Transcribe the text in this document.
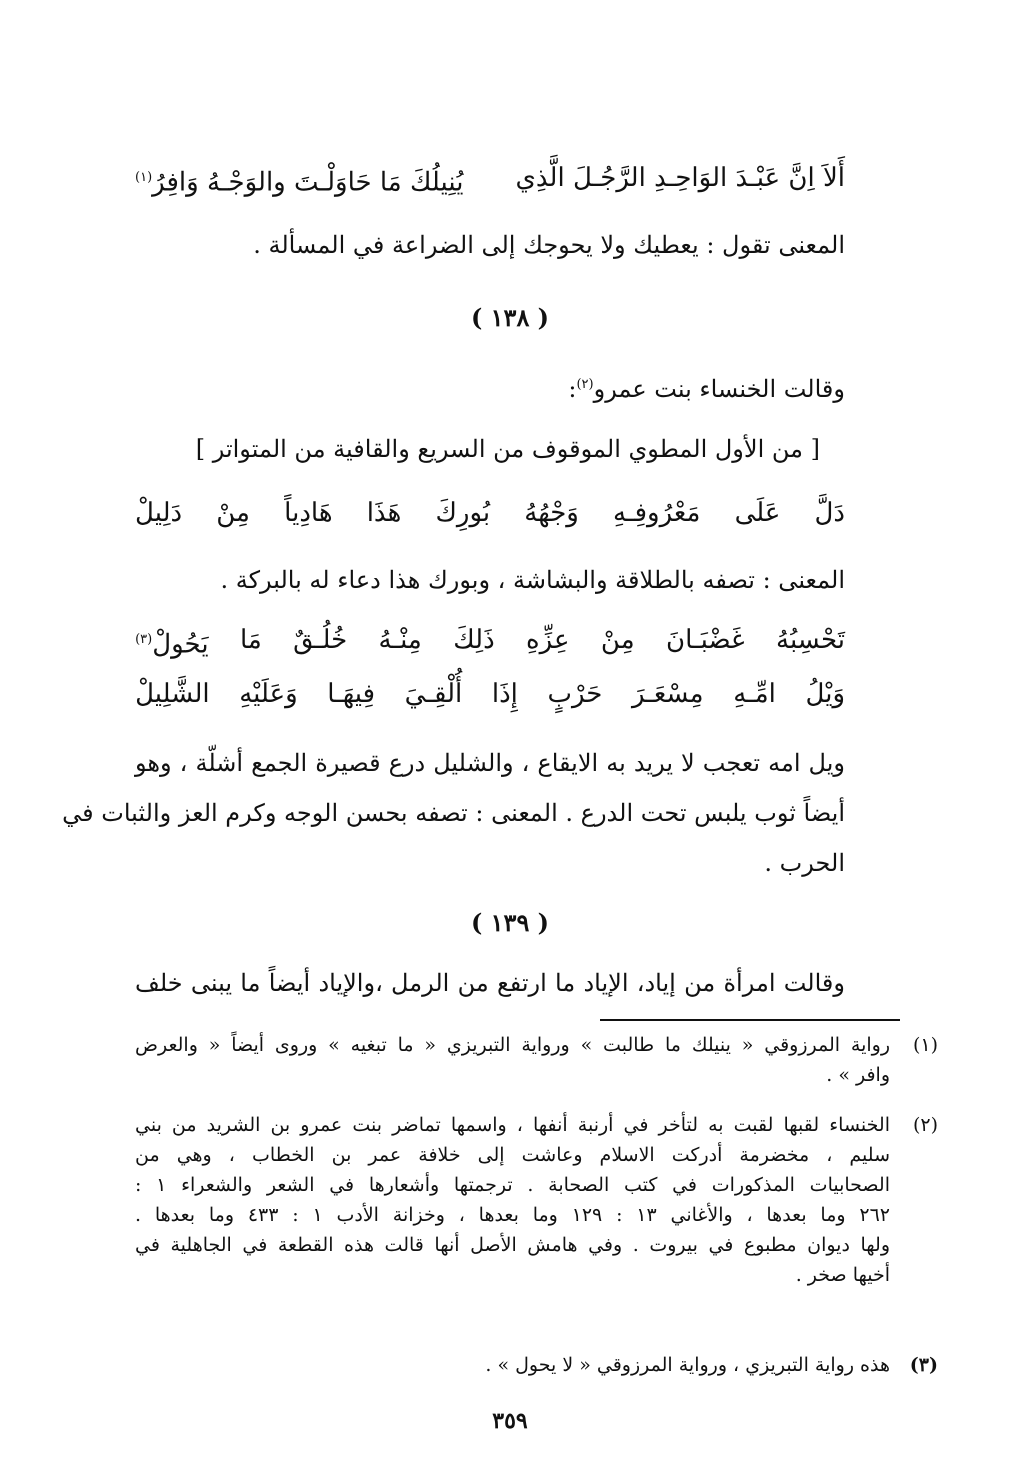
أَلاَ اِنَّ عَبْـدَ الوَاحِـدِ الرَّجُـلَ الَّذِي
يُنِيلُكَ مَا حَاوَلْـتَ والوَجْـهُ وَافِرُ$^{(١)}$
المعنى تقول : يعطيك ولا يحوجك إلى الضراعة في المسألة .
( ١٣٨ )
وقالت الخنساء بنت عمرو$^{(٢)}$:
[ من الأول المطوي الموقوف من السريع والقافية من المتواتر ]
دَلَّ
عَلَى
مَعْرُوفِـهِ
وَجْهُهُ
بُورِكَ
هَذَا
هَادِياً
مِنْ
دَلِيلْ
المعنى : تصفه بالطلاقة والبشاشة ، وبورك هذا دعاء له بالبركة .
تَحْسِبُهُ
غَضْبَـانَ
مِنْ
عِزِّهِ
ذَلِكَ
مِنْـهُ
خُلُـقٌ
مَا
يَحُولْ$^{(٣)}$
وَيْلُ
امِّـهِ
مِسْعَـرَ
حَرْبٍ
إِذَا
أُلْقِـيَ
فِيهَـا
وَعَلَيْهِ
الشَّلِيلْ
ويل امه تعجب لا يريد به الايقاع ، والشليل درع قصيرة الجمع أشلّة ، وهو
أيضاً ثوب يلبس تحت الدرع . المعنى : تصفه بحسن الوجه وكرم العز والثبات في
الحرب .
( ١٣٩ )
وقالت امرأة من إياد، الإياد ما ارتفع من الرمل ،والإياد أيضاً ما يبنى خلف
(١)

رواية المرزوقي « ينيلك ما طالبت » ورواية التبريزي « ما تبغيه » وروى أيضاً « والعرض

وافر » .

(٢)

الخنساء لقبها لقبت به لتأخر في أرنبة أنفها ، واسمها تماضر بنت عمرو بن الشريد من بني

سليم ، مخضرمة أدركت الاسلام وعاشت إلى خلافة عمر بن الخطاب ، وهي من

الصحابيات المذكورات في كتب الصحابة . ترجمتها وأشعارها في الشعر والشعراء ١ :

٢٦٢ وما بعدها ، والأغاني ١٣ : ١٢٩ وما بعدها ، وخزانة الأدب ١ : ٤٣٣ وما بعدها .

ولها ديوان مطبوع في بيروت . وفي هامش الأصل أنها قالت هذه القطعة في الجاهلية في

أخيها صخر .

(٣)

هذه رواية التبريزي ، ورواية المرزوقي « لا يحول » .

٣٥٩
